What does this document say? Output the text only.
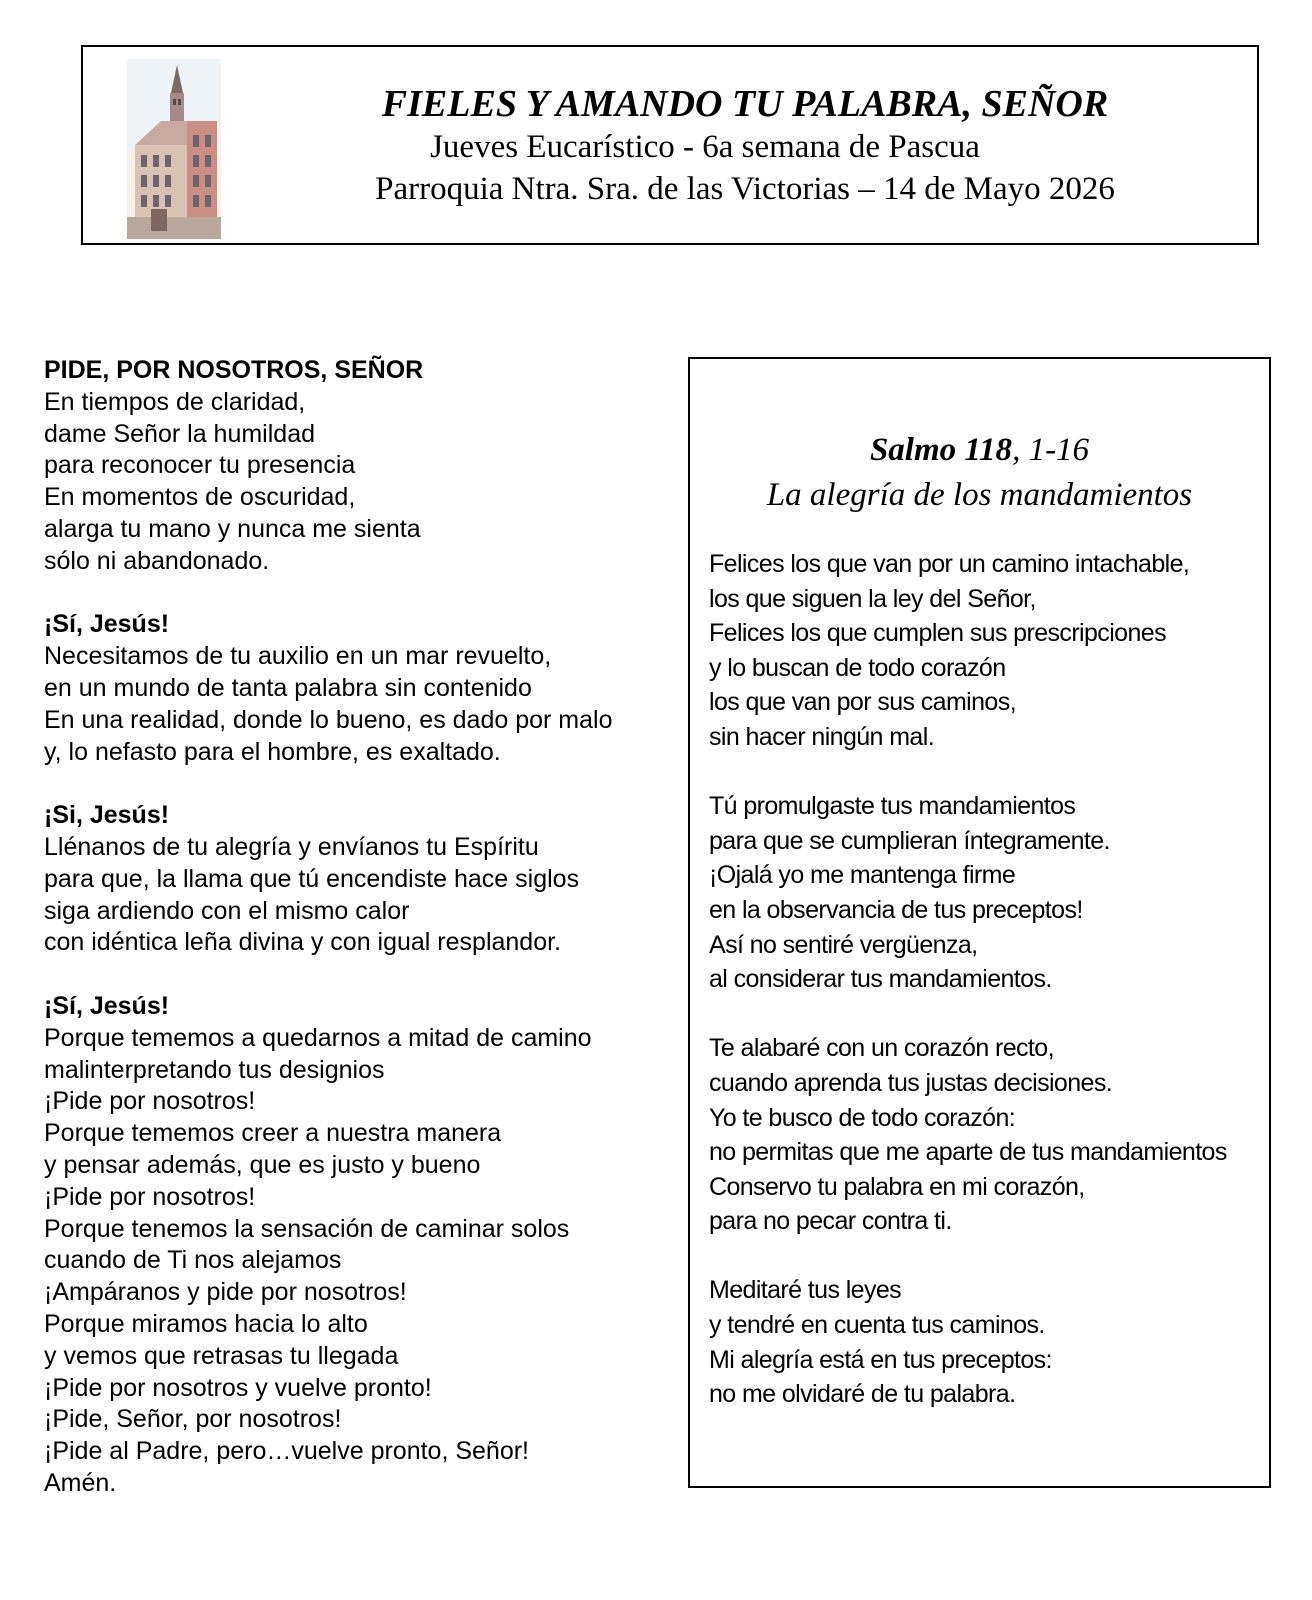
FIELES Y AMANDO TU PALABRA, SEÑOR

Jueves Eucarístico - 6a semana de Pascua

Parroquia Ntra. Sra. de las Victorias – 14 de Mayo 2026

PIDE, POR NOSOTROS, SEÑOR
En tiempos de claridad,
dame Señor la humildad
para reconocer tu presencia
En momentos de oscuridad,
alarga tu mano y nunca me sienta
sólo ni abandonado.
¡Sí, Jesús!
Necesitamos de tu auxilio en un mar revuelto,
en un mundo de tanta palabra sin contenido
En una realidad, donde lo bueno, es dado por malo
y, lo nefasto para el hombre, es exaltado.
¡Si, Jesús!
Llénanos de tu alegría y envíanos tu Espíritu
para que, la llama que tú encendiste hace siglos
siga ardiendo con el mismo calor
con idéntica leña divina y con igual resplandor.
¡Sí, Jesús!
Porque tememos a quedarnos a mitad de camino
malinterpretando tus designios
¡Pide por nosotros!
Porque tememos creer a nuestra manera
y pensar además, que es justo y bueno
¡Pide por nosotros!
Porque tenemos la sensación de caminar solos
cuando de Ti nos alejamos
¡Ampáranos y pide por nosotros!
Porque miramos hacia lo alto
y vemos que retrasas tu llegada
¡Pide por nosotros y vuelve pronto!
¡Pide, Señor, por nosotros!
¡Pide al Padre, pero…vuelve pronto, Señor!
Amén.
Salmo 118, 1-16
La alegría de los mandamientos
Felices los que van por un camino intachable,
los que siguen la ley del Señor,
Felices los que cumplen sus prescripciones
y lo buscan de todo corazón
los que van por sus caminos,
sin hacer ningún mal.
Tú promulgaste tus mandamientos
para que se cumplieran íntegramente.
¡Ojalá yo me mantenga firme
en la observancia de tus preceptos!
Así no sentiré vergüenza,
al considerar tus mandamientos.
Te alabaré con un corazón recto,
cuando aprenda tus justas decisiones.
Yo te busco de todo corazón:
no permitas que me aparte de tus mandamientos
Conservo tu palabra en mi corazón,
para no pecar contra ti.
Meditaré tus leyes
y tendré en cuenta tus caminos.
Mi alegría está en tus preceptos:
no me olvidaré de tu palabra.
